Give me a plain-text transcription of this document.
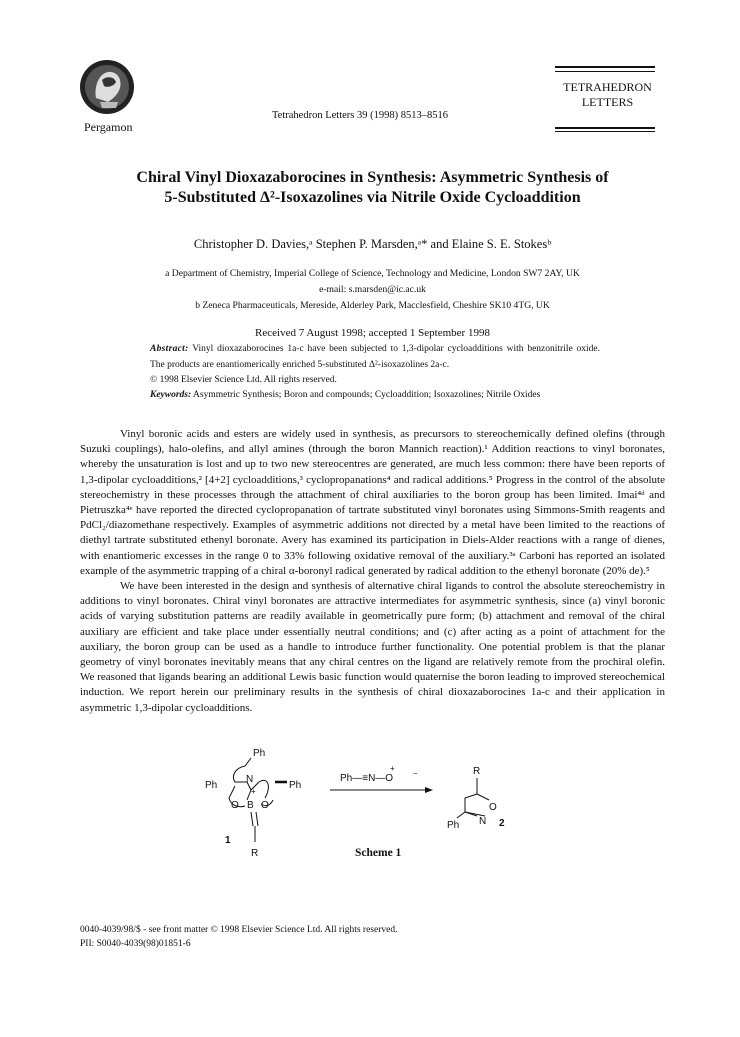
Pergamon
Tetrahedron Letters 39 (1998) 8513–8516
TETRAHEDRON
LETTERS
Chiral Vinyl Dioxazaborocines in Synthesis: Asymmetric Synthesis of
5-Substituted Δ²-Isoxazolines via Nitrile Oxide Cycloaddition
Christopher D. Davies,ᵃ Stephen P. Marsden,ᵃ* and Elaine S. E. Stokesᵇ
a Department of Chemistry, Imperial College of Science, Technology and Medicine, London SW7 2AY, UK
e-mail: s.marsden@ic.ac.uk
b Zeneca Pharmaceuticals, Mereside, Alderley Park, Macclesfield, Cheshire SK10 4TG, UK
Received 7 August 1998; accepted 1 September 1998
Abstract: Vinyl dioxazaborocines 1a-c have been subjected to 1,3-dipolar cycloadditions with benzonitrile oxide. The products are enantiomerically enriched 5-substituted Δ²-isoxazolines 2a-c.
© 1998 Elsevier Science Ltd. All rights reserved.
Keywords: Asymmetric Synthesis; Boron and compounds; Cycloaddition; Isoxazolines; Nitrile Oxides

Vinyl boronic acids and esters are widely used in synthesis, as precursors to stereochemically defined olefins (through Suzuki couplings), halo-olefins, and allyl amines (through the boron Mannich reaction).¹ Addition reactions to vinyl boronates, whereby the unsaturation is lost and up to two new stereocentres are generated, are much less common: there have been reports of 1,3-dipolar cycloadditions,² [4+2] cycloadditions,³ cyclopropanations⁴ and radical additions.⁵ Progress in the control of the absolute stereochemistry in these processes through the attachment of chiral auxiliaries to the boron group has been limited. Imai⁴ᵈ and Pietruszka⁴ᵉ have reported the directed cyclopropanation of tartrate substituted vinyl boronates using Simmons-Smith reagents and PdCl₂/diazomethane respectively. Examples of asymmetric additions not directed by a metal have been limited to the reactions of diethyl tartrate substituted ethenyl boronate. Avery has examined its participation in Diels-Alder reactions with a range of dienes, with enantiomeric excesses in the range 0 to 33% following oxidative removal of the auxiliary.³ᵃ Carboni has reported an isolated example of the asymmetric trapping of a chiral α-boronyl radical generated by radical addition to the ethenyl boronate (20% de).⁵

We have been interested in the design and synthesis of alternative chiral ligands to control the absolute stereochemistry in additions to vinyl boronates. Chiral vinyl boronates are attractive intermediates for asymmetric synthesis, since (a) vinyl boronic acids of varying substitution patterns are readily available in geometrically pure form; (b) attachment and removal of the chiral auxiliary are efficient and take place under essentially neutral conditions; and (c) after acting as a point of attachment for the auxiliary, the boron group can be used as a handle to introduce further functionality. One potential problem is that the planar geometry of vinyl boronates inevitably means that any chiral centres on the ligand are relatively remote from the prochiral olefin. We reasoned that ligands bearing an additional Lewis basic function would quaternise the boron leading to improved stereochemical induction. We report herein our preliminary results in the synthesis of chiral dioxazaborocines 1a-c and their application in asymmetric 1,3-dipolar cycloadditions.

Ph
Ph	Ph
N
+
B
O O
R
1
Ph—≡N—O
+
−	R
O
N
Ph	2
Scheme 1
0040-4039/98/$ - see front matter © 1998 Elsevier Science Ltd. All rights reserved.
PII: S0040-4039(98)01851-6
